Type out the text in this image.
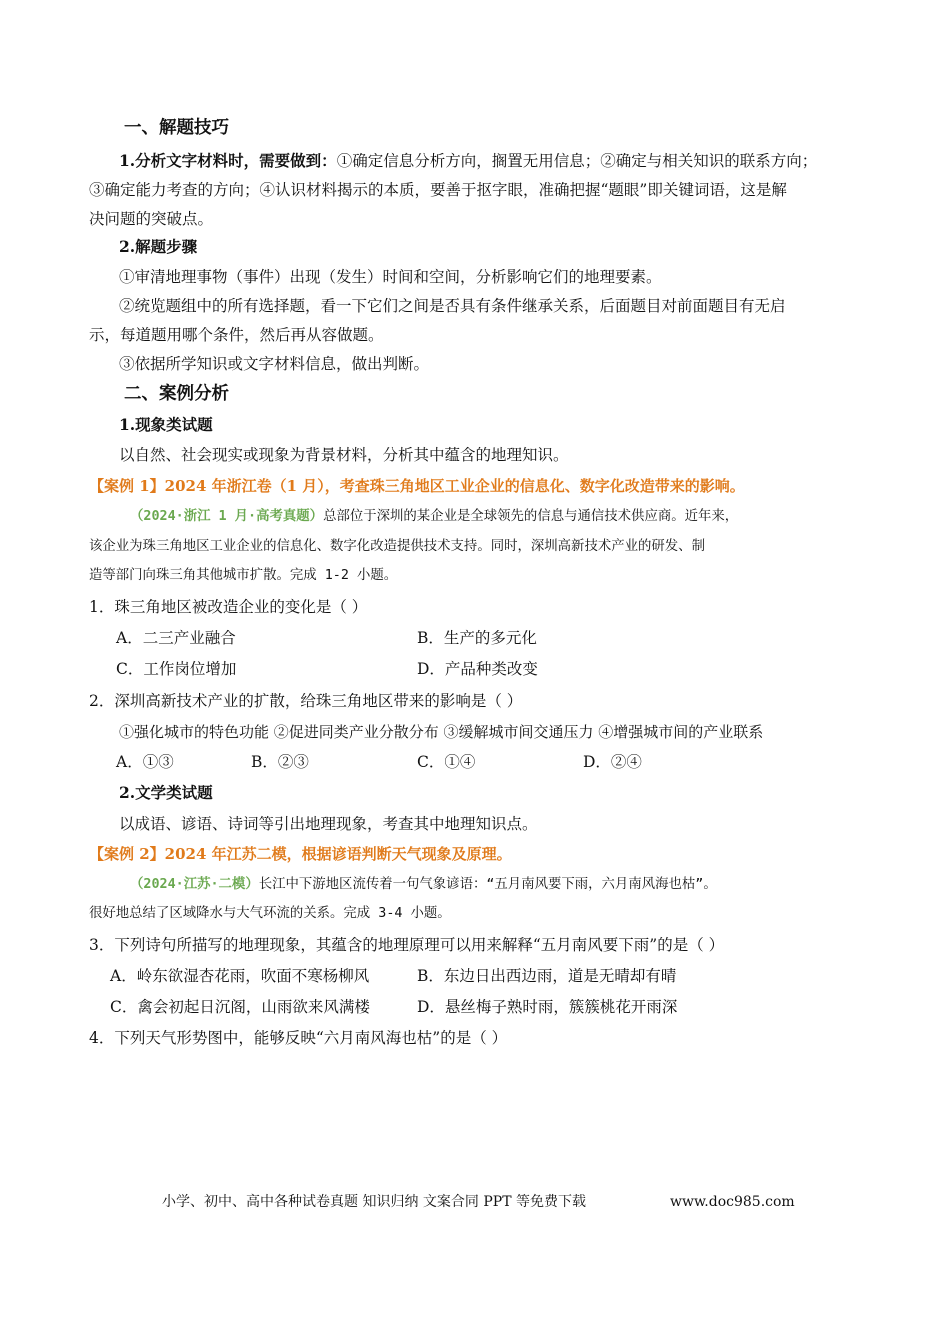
一、解题技巧
1.分析文字材料时，需要做到：①确定信息分析方向，搁置无用信息；②确定与相关知识的联系方向；
③确定能力考查的方向；④认识材料揭示的本质，要善于抠字眼，准确把握“题眼”即关键词语，这是解
决问题的突破点。
2.解题步骤
①审清地理事物（事件）出现（发生）时间和空间，分析影响它们的地理要素。
②统览题组中的所有选择题，看一下它们之间是否具有条件继承关系，后面题目对前面题目有无启
示，每道题用哪个条件，然后再从容做题。
③依据所学知识或文字材料信息，做出判断。
二、案例分析
1.现象类试题
以自然、社会现实或现象为背景材料，分析其中蕴含的地理知识。
【案例 1】2024 年浙江卷（1 月），考查珠三角地区工业企业的信息化、数字化改造带来的影响。
（2024·浙江 1 月·高考真题）总部位于深圳的某企业是全球领先的信息与通信技术供应商。近年来，
该企业为珠三角地区工业企业的信息化、数字化改造提供技术支持。同时，深圳高新技术产业的研发、制
造等部门向珠三角其他城市扩散。完成 1-2 小题。
1．珠三角地区被改造企业的变化是（ ）
A．二三产业融合	B．生产的多元化
C．工作岗位增加	D．产品种类改变
2．深圳高新技术产业的扩散，给珠三角地区带来的影响是（ ）
①强化城市的特色功能 ②促进同类产业分散分布 ③缓解城市间交通压力 ④增强城市间的产业联系
A．①③	B．②③	C．①④	D．②④
2.文学类试题
以成语、谚语、诗词等引出地理现象，考查其中地理知识点。
【案例 2】2024 年江苏二模，根据谚语判断天气现象及原理。
（2024·江苏·二模）长江中下游地区流传着一句气象谚语：“五月南风要下雨，六月南风海也枯”。
很好地总结了区域降水与大气环流的关系。完成 3-4 小题。
3．下列诗句所描写的地理现象，其蕴含的地理原理可以用来解释“五月南风要下雨”的是（ ）
A．岭东欲湿杏花雨，吹面不寒杨柳风	B．东边日出西边雨，道是无晴却有晴
C．禽会初起日沉阁，山雨欲来风满楼	D．悬丝梅子熟时雨，簇簇桃花开雨深
4．下列天气形势图中，能够反映“六月南风海也枯”的是（ ）
小学、初中、高中各种试卷真题 知识归纳 文案合同 PPT 等免费下载	www.doc985.com
